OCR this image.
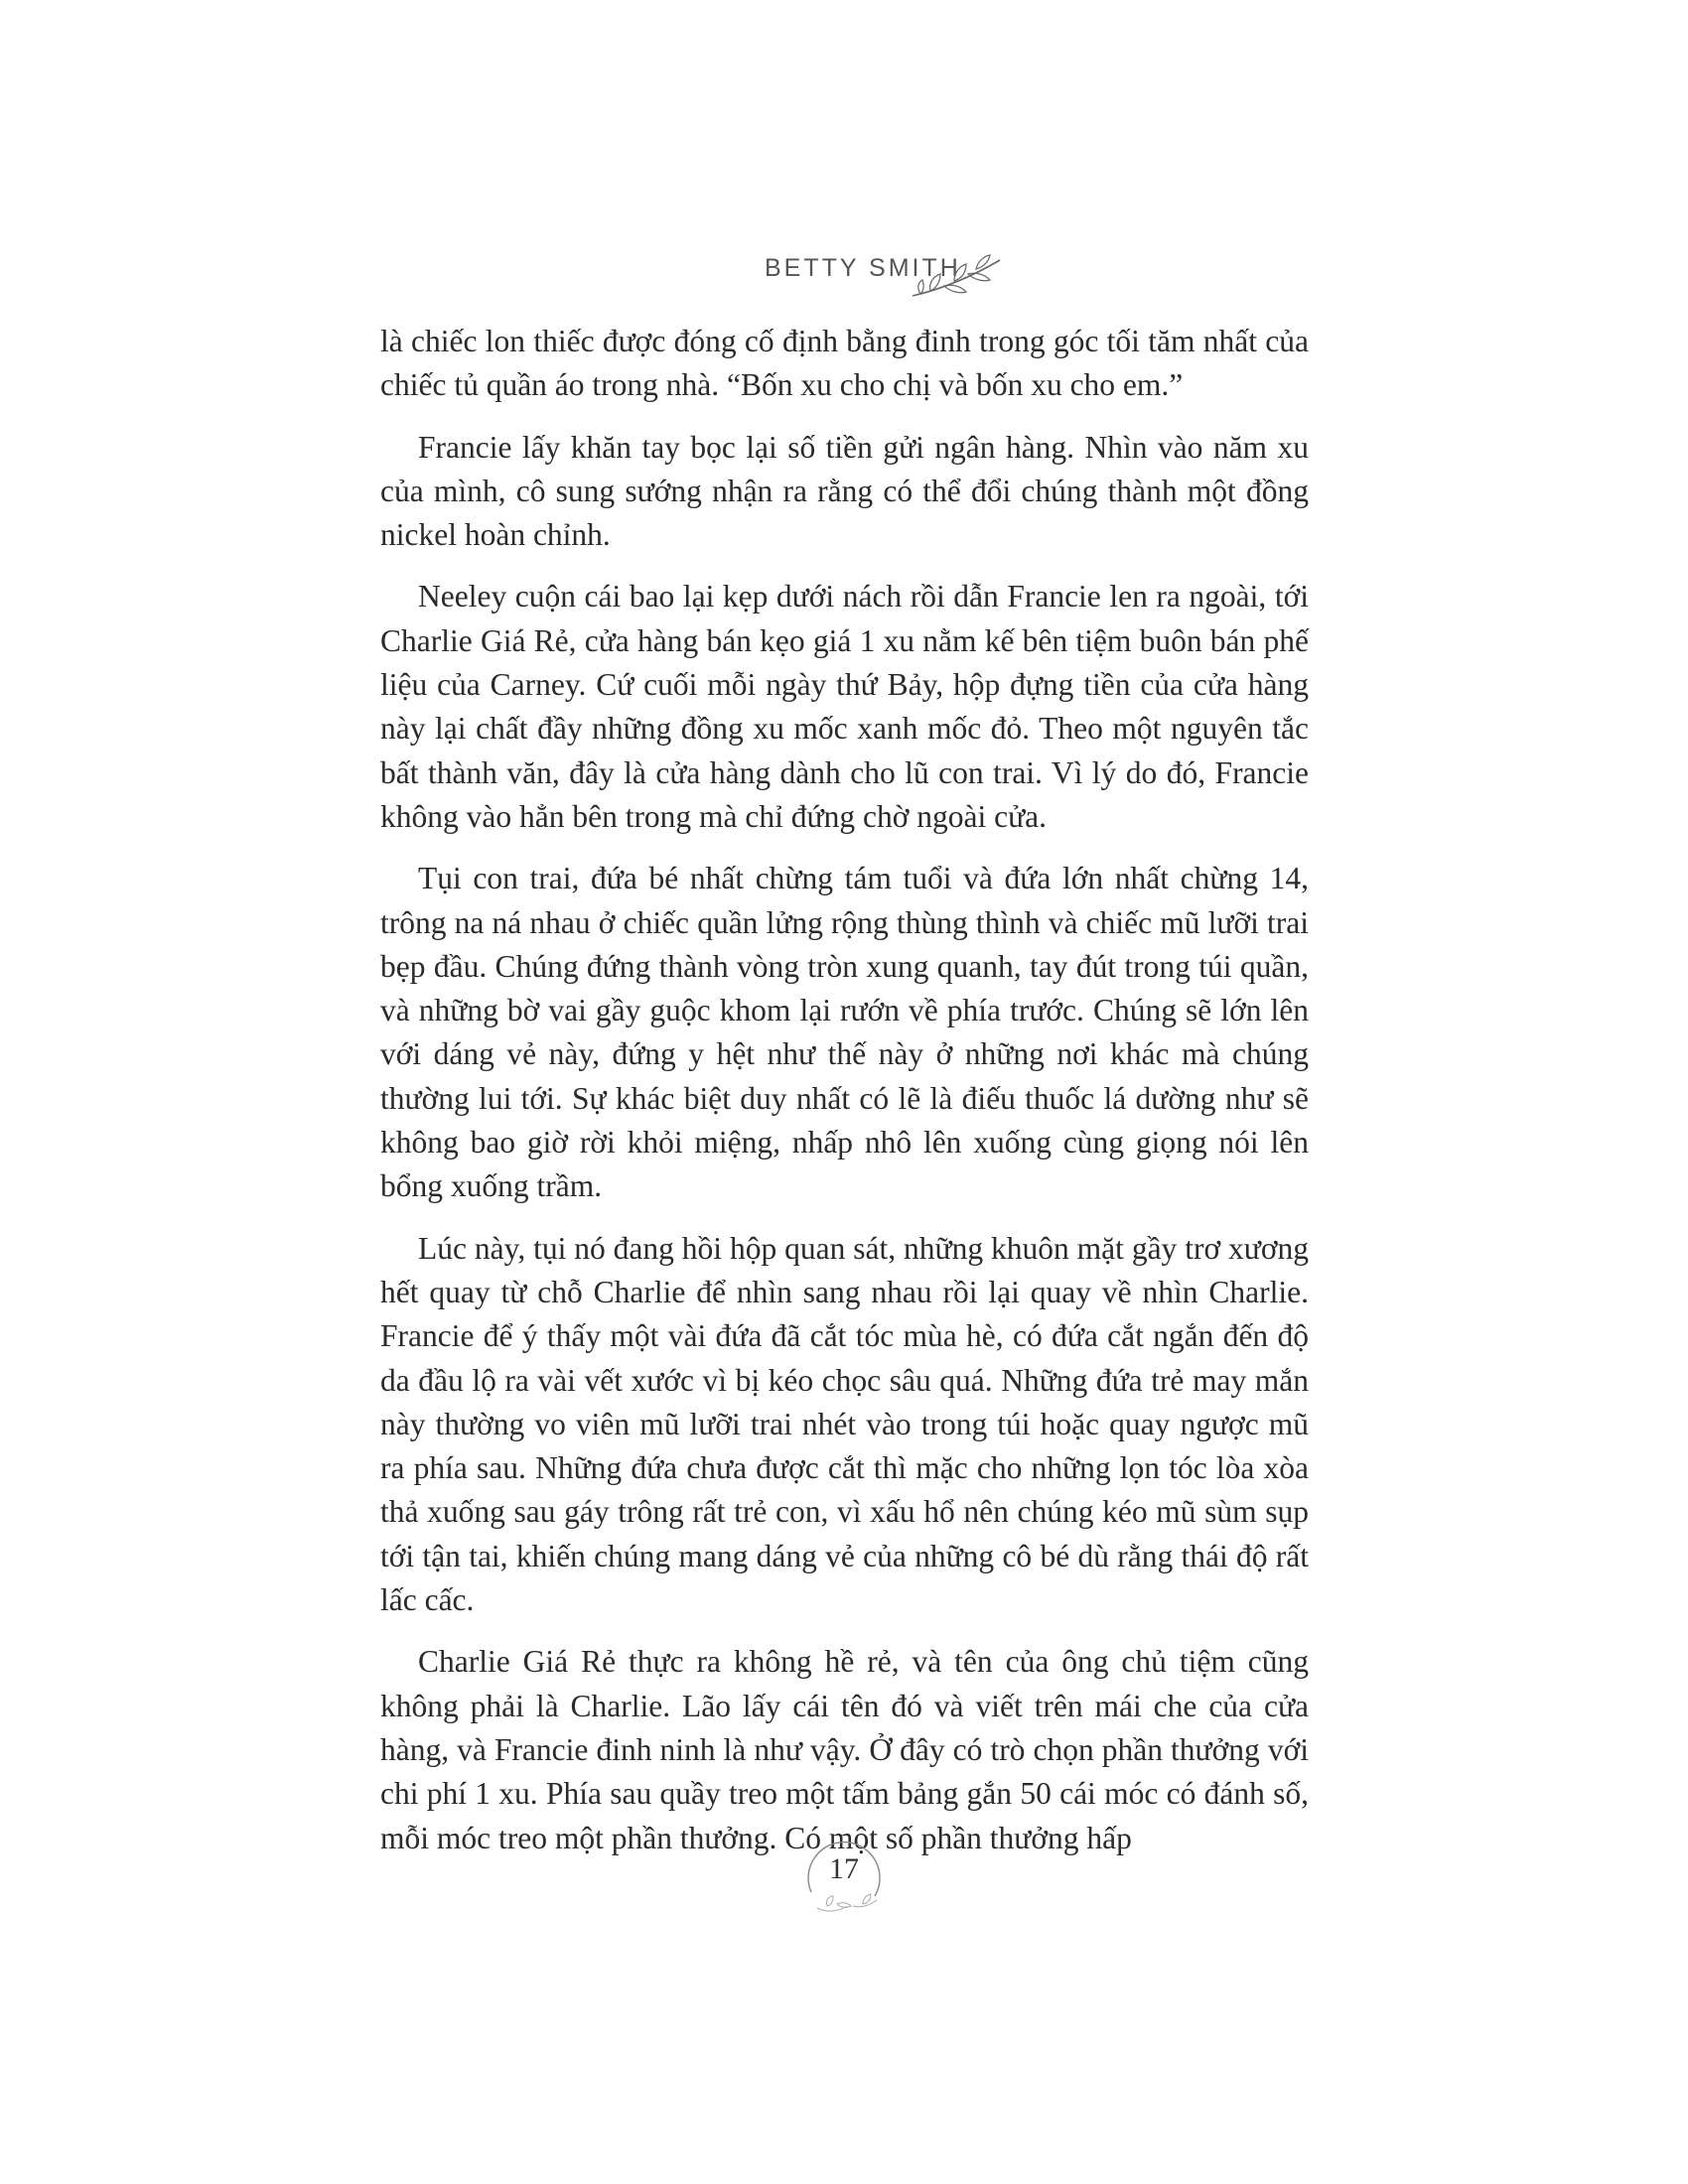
BETTY SMITH

là chiếc lon thiếc được đóng cố định bằng đinh trong góc tối tăm nhất của chiếc tủ quần áo trong nhà. “Bốn xu cho chị và bốn xu cho em.”

Francie lấy khăn tay bọc lại số tiền gửi ngân hàng. Nhìn vào năm xu của mình, cô sung sướng nhận ra rằng có thể đổi chúng thành một đồng nickel hoàn chỉnh.

Neeley cuộn cái bao lại kẹp dưới nách rồi dẫn Francie len ra ngoài, tới Charlie Giá Rẻ, cửa hàng bán kẹo giá 1 xu nằm kế bên tiệm buôn bán phế liệu của Carney. Cứ cuối mỗi ngày thứ Bảy, hộp đựng tiền của cửa hàng này lại chất đầy những đồng xu mốc xanh mốc đỏ. Theo một nguyên tắc bất thành văn, đây là cửa hàng dành cho lũ con trai. Vì lý do đó, Francie không vào hẳn bên trong mà chỉ đứng chờ ngoài cửa.

Tụi con trai, đứa bé nhất chừng tám tuổi và đứa lớn nhất chừng 14, trông na ná nhau ở chiếc quần lửng rộng thùng thình và chiếc mũ lưỡi trai bẹp đầu. Chúng đứng thành vòng tròn xung quanh, tay đút trong túi quần, và những bờ vai gầy guộc khom lại rướn về phía trước. Chúng sẽ lớn lên với dáng vẻ này, đứng y hệt như thế này ở những nơi khác mà chúng thường lui tới. Sự khác biệt duy nhất có lẽ là điếu thuốc lá dường như sẽ không bao giờ rời khỏi miệng, nhấp nhô lên xuống cùng giọng nói lên bổng xuống trầm.

Lúc này, tụi nó đang hồi hộp quan sát, những khuôn mặt gầy trơ xương hết quay từ chỗ Charlie để nhìn sang nhau rồi lại quay về nhìn Charlie. Francie để ý thấy một vài đứa đã cắt tóc mùa hè, có đứa cắt ngắn đến độ da đầu lộ ra vài vết xước vì bị kéo chọc sâu quá. Những đứa trẻ may mắn này thường vo viên mũ lưỡi trai nhét vào trong túi hoặc quay ngược mũ ra phía sau. Những đứa chưa được cắt thì mặc cho những lọn tóc lòa xòa thả xuống sau gáy trông rất trẻ con, vì xấu hổ nên chúng kéo mũ sùm sụp tới tận tai, khiến chúng mang dáng vẻ của những cô bé dù rằng thái độ rất lấc cấc.

Charlie Giá Rẻ thực ra không hề rẻ, và tên của ông chủ tiệm cũng không phải là Charlie. Lão lấy cái tên đó và viết trên mái che của cửa hàng, và Francie đinh ninh là như vậy. Ở đây có trò chọn phần thưởng với chi phí 1 xu. Phía sau quầy treo một tấm bảng gắn 50 cái móc có đánh số, mỗi móc treo một phần thưởng. Có một số phần thưởng hấp

17
